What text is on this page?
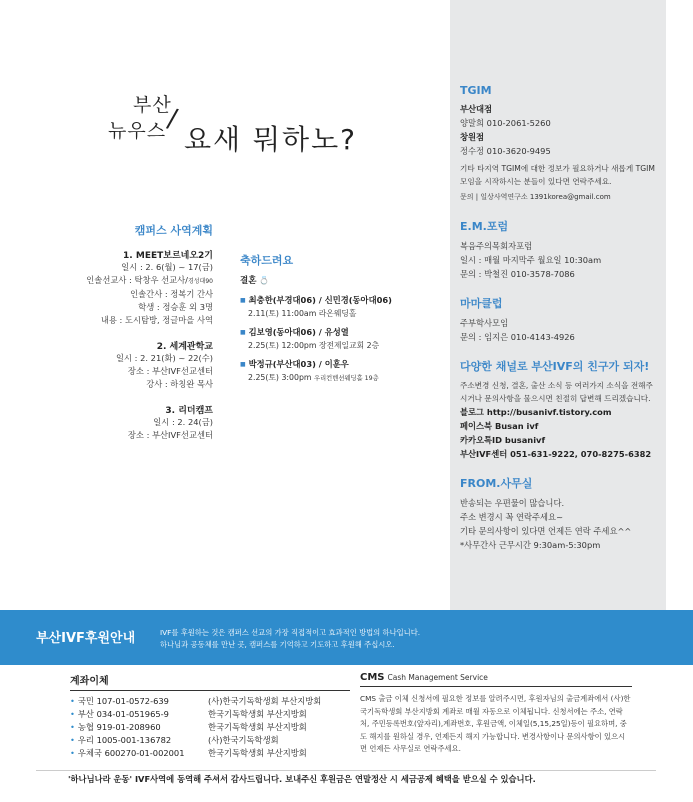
부산
뉴우스
/
요새 뭐하노?
캠퍼스 사역계획
1. MEET보르네오2기
일시 : 2. 6(월) ~ 17(금)
인솔선교사 : 탁창우 선교사/경성대90
인솔간사 : 정복기 간사
학생 : 정승훈 외 3명
내용 : 도시탐방, 정글마을 사역
2. 세계관학교
일시 : 2. 21(화) ~ 22(수)
장소 : 부산IVF선교센터
강사 : 하칭완 목사
3. 리더캠프
일시 : 2. 24(금)
장소 : 부산IVF선교센터
축하드려요
결혼 💍
■ 최충한(부경대06) / 신민경(동아대06)
2.11(토) 11:00am 라온웨딩홀
■ 김보영(동아대06) / 유성열
2.25(토) 12:00pm 장전제일교회 2층
■ 박정규(부산대03) / 이훈우
2.25(토) 3:00pm 우리컨벤션웨딩홀 19층
TGIM
부산대점
양말희 010-2061-5260
창원점
정수정 010-3620-9495
기타 타지역 TGIM에 대한 정보가 필요하거나 새롭게 TGIM모임을 시작하시는 분들이 있다면 연락주세요.
문의 | 일상사역연구소 1391korea@gmail.com
E.M.포럼
복음주의목회자포럼
일시 : 매월 마지막주 월요일 10:30am
문의 : 박철진 010-3578-7086
마마클럽
주부학사모임
문의 : 임지은 010-4143-4926
다양한 채널로 부산IVF의 친구가 되자!
주소변경 신청, 결혼, 출산 소식 등 여러가지 소식을 전해주시거나 문의사항을 물으시면 친절히 답변해 드리겠습니다.
블로그 http://busanivf.tistory.com
페이스북 Busan ivf
카카오톡ID busanivf
부산IVF센터 051-631-9222, 070-8275-6382
FROM.사무실
반송되는 우편물이 많습니다.
주소 변경시 꼭 연락주세요~
기타 문의사항이 있다면 언제든 연락 주세요^^
*사무간사 근무시간 9:30am-5:30pm
부산IVF후원안내	IVF를 후원하는 것은 캠퍼스 선교의 가장 직접적이고 효과적인 방법의 하나입니다.
하나님과 공동체를 만난 곳, 캠퍼스를 기억하고 기도하고 후원해 주십시오.
계좌이체
• 국민 107-01-0572-639	(사)한국기독학생회 부산지방회
• 부산 034-01-051965-9	한국기독학생회 부산지방회
• 농협 919-01-208960	한국기독학생회 부산지방회
• 우리 1005-001-136782	(사)한국기독학생회
• 우체국 600270-01-002001	한국기독학생회 부산지방회
CMS Cash Management Service

CMS 출금 이체 신청서에 필요한 정보를 알려주시면, 후원자님의 출금계좌에서 (사)한국기독학생회 부산지방회 계좌로 매월 자동으로 이체됩니다. 신청서에는 주소, 연락처, 주민등록번호(앞자리),계좌번호, 후원금액, 이체일(5,15,25일)등이 필요하며, 중도 해지를 원하실 경우, 언제든지 해지 가능합니다. 변경사항이나 문의사항이 있으시면 언제든 사무실로 연락주세요.

'하나님나라 운동' IVF사역에 동역해 주셔서 감사드립니다. 보내주신 후원금은 연말정산 시 세금공제 혜택을 받으실 수 있습니다.
